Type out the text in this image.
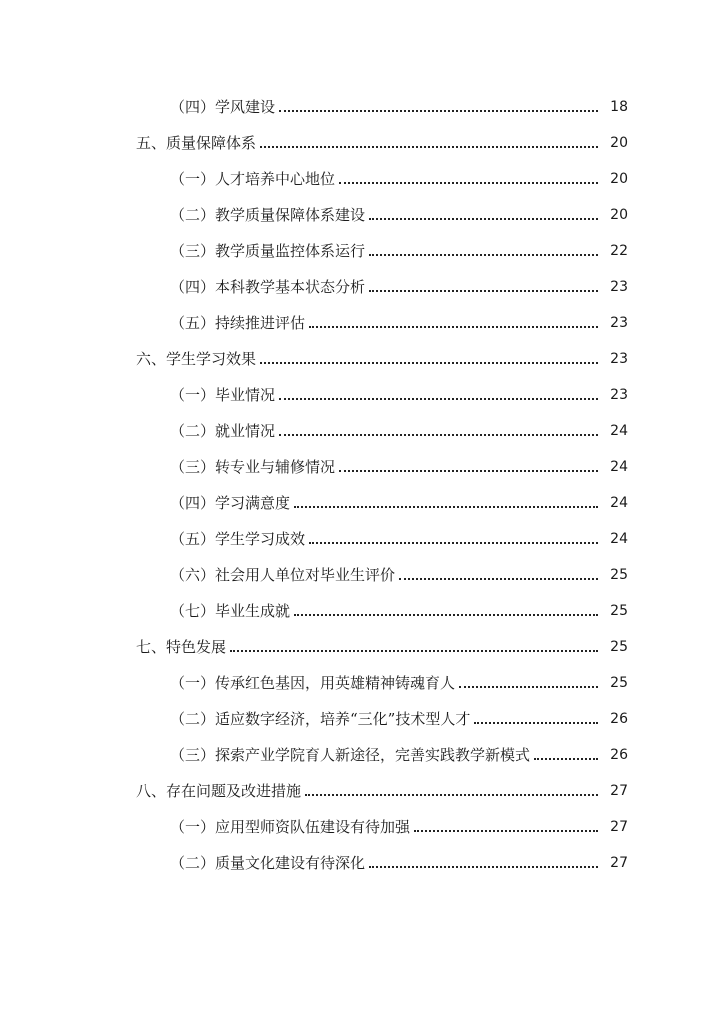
（四）学风建设	18
五、质量保障体系	20
（一）人才培养中心地位	20
（二）教学质量保障体系建设	20
（三）教学质量监控体系运行	22
（四）本科教学基本状态分析	23
（五）持续推进评估	23
六、学生学习效果	23
（一）毕业情况	23
（二）就业情况	24
（三）转专业与辅修情况	24
（四）学习满意度	24
（五）学生学习成效	24
（六）社会用人单位对毕业生评价	25
（七）毕业生成就	25
七、特色发展	25
（一）传承红色基因，用英雄精神铸魂育人	25
（二）适应数字经济，培养“三化”技术型人才	26
（三）探索产业学院育人新途径，完善实践教学新模式	26
八、存在问题及改进措施	27
（一）应用型师资队伍建设有待加强	27
（二）质量文化建设有待深化	27
